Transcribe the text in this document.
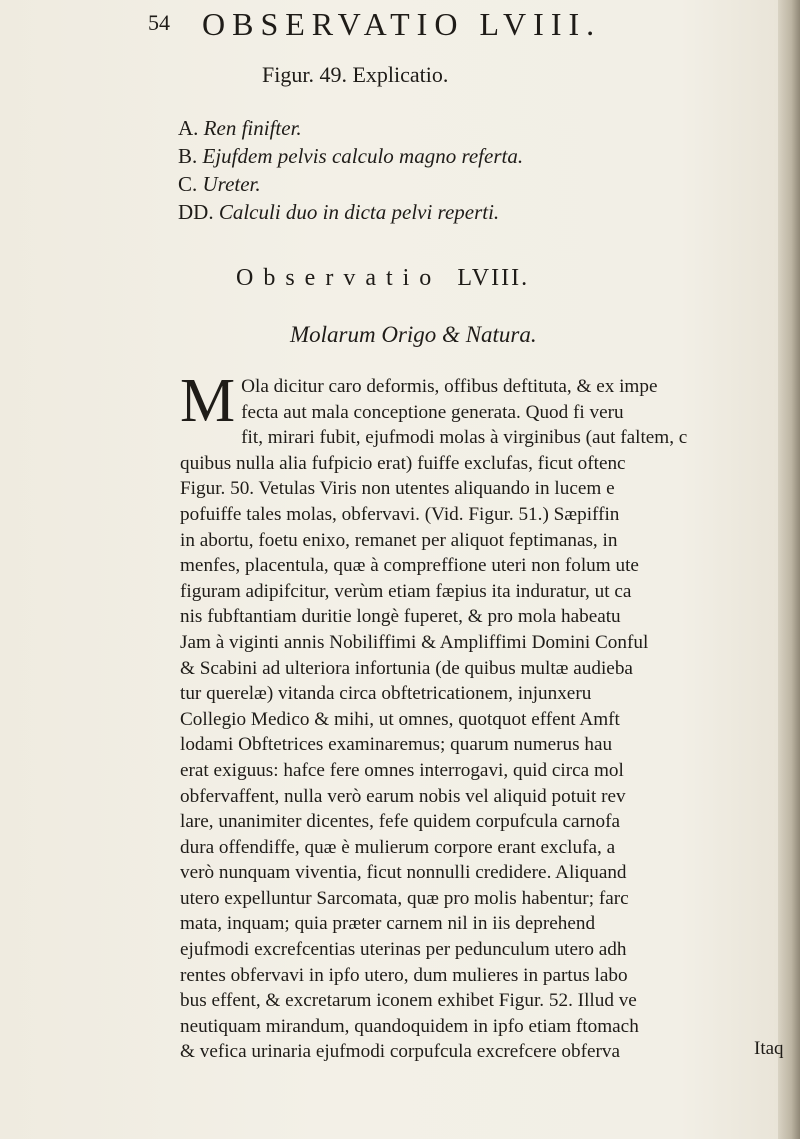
54 OBSERVATIO LVIII.
Figur. 49. Explicatio.
A. Ren finifter.
B. Ejufdem pelvis calculo magno referta.
C. Ureter.
DD. Calculi duo in dicta pelvi reperti.
Observatio LVIII.
Molarum Origo & Natura.
M Ola dicitur caro deformis, offibus deftituta, & ex impe
fecta aut mala conceptione generata. Quod fi veru
fit, mirari fubit, ejufmodi molas à virginibus (aut faltem, c
quibus nulla alia fufpicio erat) fuiffe exclufas, ficut oftenc
Figur. 50. Vetulas Viris non utentes aliquando in lucem e
pofuiffe tales molas, obfervavi. (Vid. Figur. 51.) Sæpiffin
in abortu, foetu enixo, remanet per aliquot feptimanas, in
menfes, placentula, quæ à compreffione uteri non folum ute
figuram adipifcitur, verùm etiam fæpius ita induratur, ut ca
nis fubftantiam duritie longè fuperet, & pro mola habeatu
Jam à viginti annis Nobiliffimi & Ampliffimi Domini Conful
& Scabini ad ulteriora infortunia (de quibus multæ audieba
tur querelæ) vitanda circa obftetricationem, injunxeru
Collegio Medico & mihi, ut omnes, quotquot effent Amft
lodami Obftetrices examinaremus; quarum numerus hau
erat exiguus: hafce fere omnes interrogavi, quid circa mol
obfervaffent, nulla verò earum nobis vel aliquid potuit rev
lare, unanimiter dicentes, fefe quidem corpufcula carnofa
dura offendiffe, quæ è mulierum corpore erant exclufa, a
verò nunquam viventia, ficut nonnulli credidere. Aliquand
utero expelluntur Sarcomata, quæ pro molis habentur; farc
mata, inquam; quia præter carnem nil in iis deprehend
ejufmodi excrefcentias uterinas per pedunculum utero adh
rentes obfervavi in ipfo utero, dum mulieres in partus labo
bus effent, & excretarum iconem exhibet Figur. 52. Illud ve
neutiquam mirandum, quandoquidem in ipfo etiam ftomach
& vefica urinaria ejufmodi corpufcula excrefcere obferva	Itaq
